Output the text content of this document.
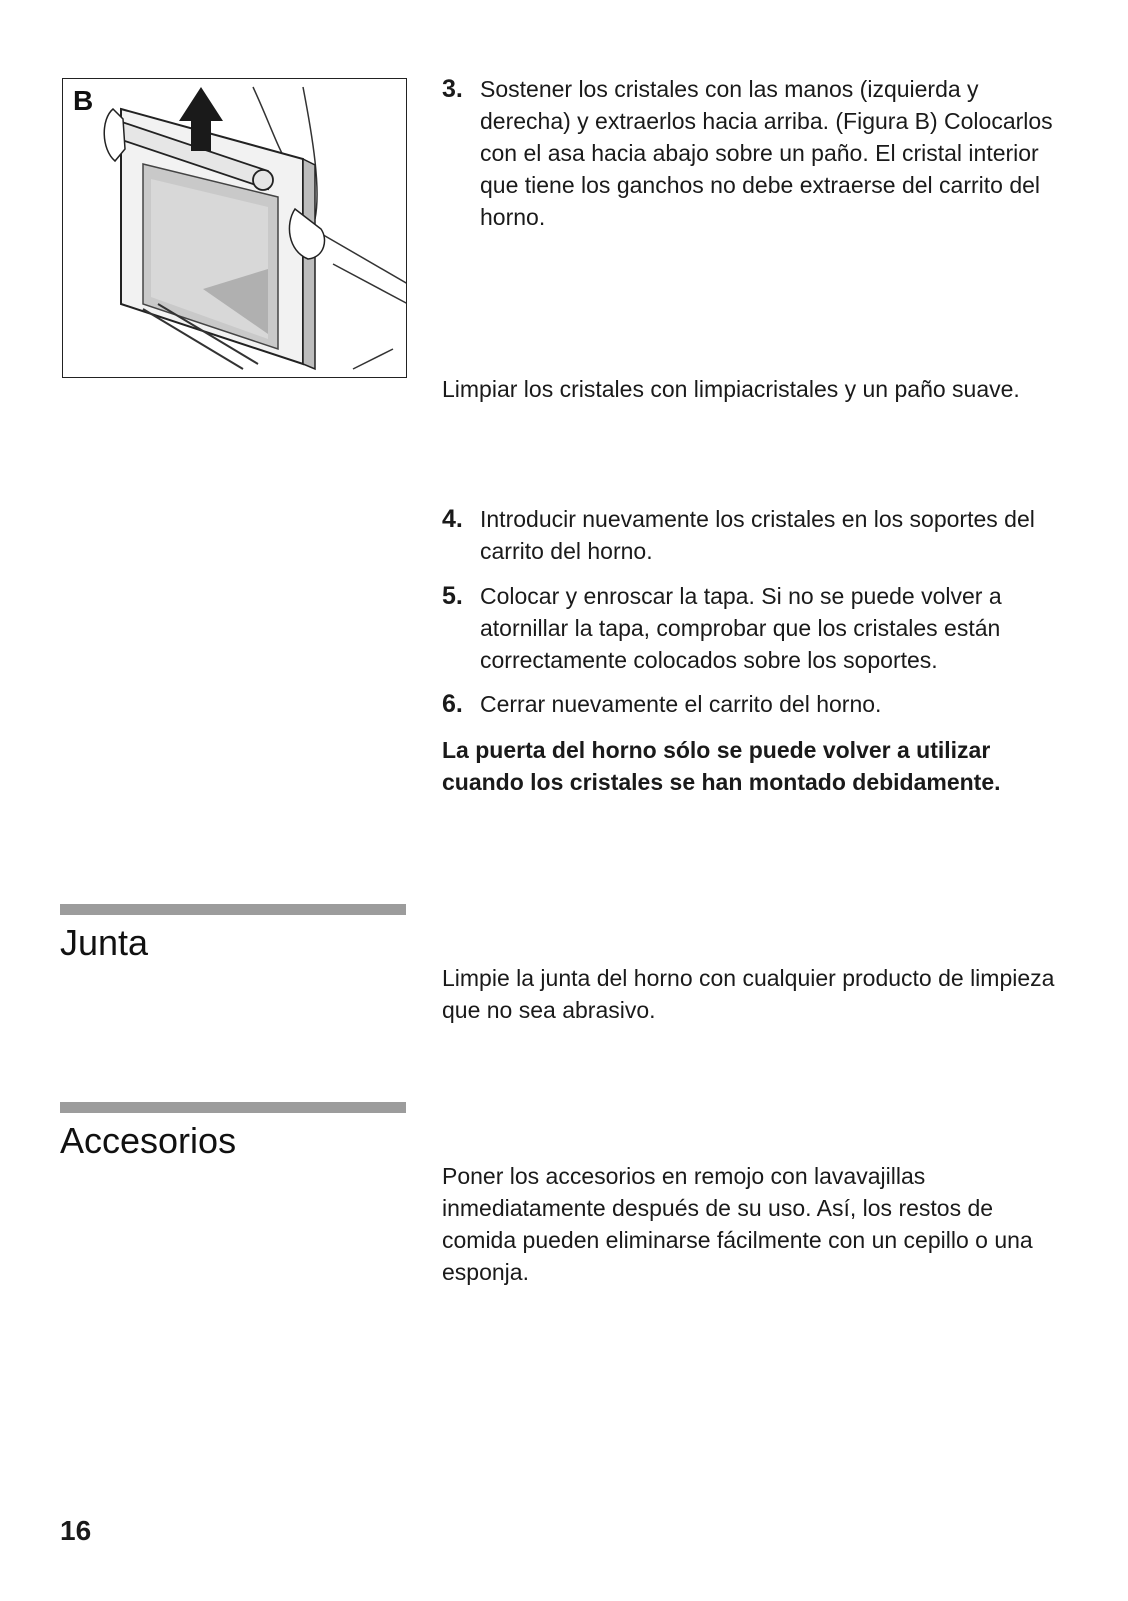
B	3. Sostener los cristales con las manos (izquierda y derecha) y extraerlos hacia arriba. (Figura B) Colocarlos con el asa hacia abajo sobre un paño. El cristal interior que tiene los ganchos no debe extraerse del carrito del horno.

Limpiar los cristales con limpiacristales y un paño suave.

4. Introducir nuevamente los cristales en los soportes del carrito del horno.
5. Colocar y enroscar la tapa. Si no se puede volver a atornillar la tapa, comprobar que los cristales están correctamente colocados sobre los soportes.
6. Cerrar nuevamente el carrito del horno.

La puerta del horno sólo se puede volver a utilizar cuando los cristales se han montado debidamente.

Junta

Limpie la junta del horno con cualquier producto de limpieza que no sea abrasivo.

Accesorios

Poner los accesorios en remojo con lavavajillas inmediatamente después de su uso. Así, los restos de comida pueden eliminarse fácilmente con un cepillo o una esponja.

16
